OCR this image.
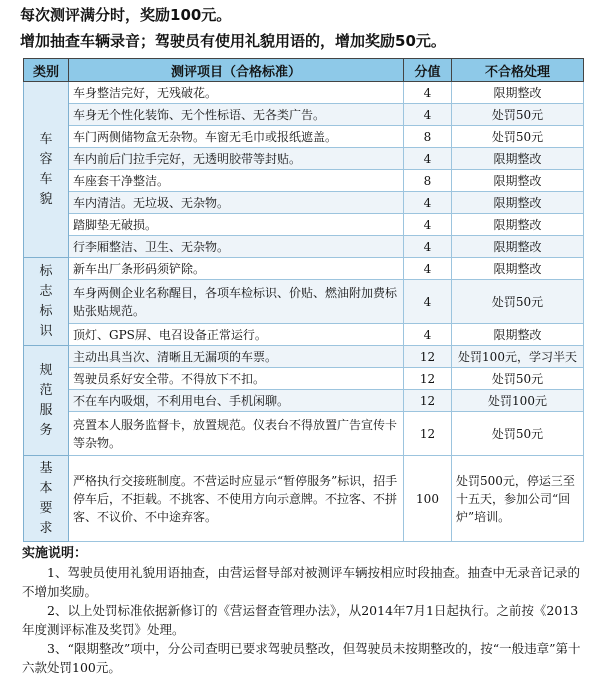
每次测评满分时，奖励100元。
增加抽查车辆录音；驾驶员有使用礼貌用语的，增加奖励50元。
类别	测评项目（合格标准）	分值	不合格处理
车容车貌	车身整洁完好，无残破花。	4	限期整改
	车身无个性化装饰、无个性标语、无各类广告。	4	处罚50元
	车门两侧储物盒无杂物。车窗无毛巾或报纸遮盖。	8	处罚50元
	车内前后门拉手完好，无透明胶带等封贴。	4	限期整改
	车座套干净整洁。	8	限期整改
	车内清洁。无垃圾、无杂物。	4	限期整改
	踏脚垫无破损。	4	限期整改
	行李厢整洁、卫生、无杂物。	4	限期整改
标志标识	新车出厂条形码须铲除。	4	限期整改
	车身两侧企业名称醒目，各项车检标识、价贴、燃油附加费标贴张贴规范。	4	处罚50元
	顶灯、GPS屏、电召设备正常运行。	4	限期整改
规范服务	主动出具当次、清晰且无漏项的车票。	12	处罚100元，学习半天
	驾驶员系好安全带。不得放下不扣。	12	处罚50元
	不在车内吸烟，不利用电台、手机闲聊。	12	处罚100元
	亮置本人服务监督卡，放置规范。仪表台不得放置广告宣传卡等杂物。	12	处罚50元
基本要求	严格执行交接班制度。不营运时应显示“暂停服务”标识，招手停车后，不拒载。不挑客、不使用方向示意牌。不拉客、不拼客、不议价、不中途弃客。	100	处罚500元，停运三至十五天，参加公司“回炉”培训。
实施说明：

1、驾驶员使用礼貌用语抽查，由营运督导部对被测评车辆按相应时段抽查。抽查中无录音记录的不增加奖励。

2、以上处罚标准依据新修订的《营运督查管理办法》，从2014年7月1日起执行。之前按《2013年度测评标准及奖罚》处理。

3、“限期整改”项中，分公司查明已要求驾驶员整改，但驾驶员未按期整改的，按“一般违章”第十六款处罚100元。
